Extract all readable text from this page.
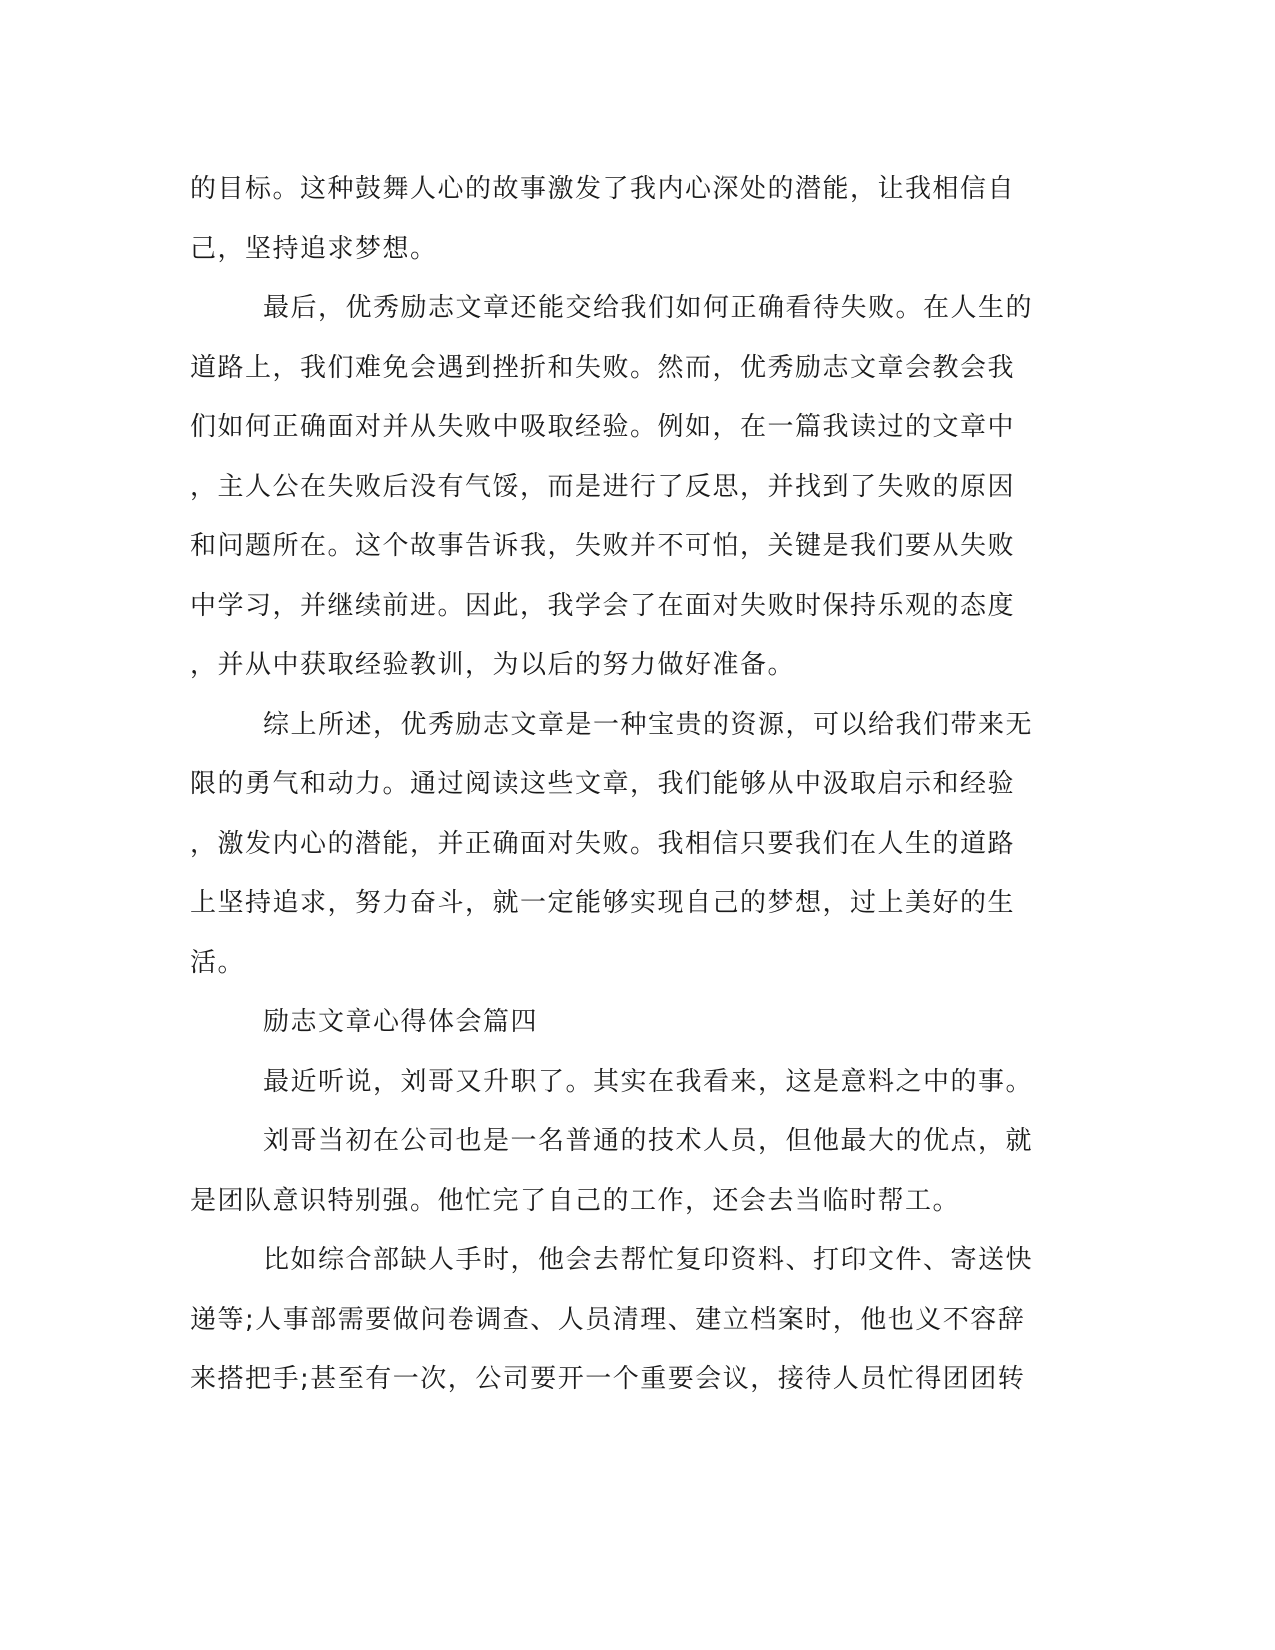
的目标。这种鼓舞人心的故事激发了我内心深处的潜能，让我相信自
己，坚持追求梦想。
最后，优秀励志文章还能交给我们如何正确看待失败。在人生的
道路上，我们难免会遇到挫折和失败。然而，优秀励志文章会教会我
们如何正确面对并从失败中吸取经验。例如，在一篇我读过的文章中
，主人公在失败后没有气馁，而是进行了反思，并找到了失败的原因
和问题所在。这个故事告诉我，失败并不可怕，关键是我们要从失败
中学习，并继续前进。因此，我学会了在面对失败时保持乐观的态度
，并从中获取经验教训，为以后的努力做好准备。
综上所述，优秀励志文章是一种宝贵的资源，可以给我们带来无
限的勇气和动力。通过阅读这些文章，我们能够从中汲取启示和经验
，激发内心的潜能，并正确面对失败。我相信只要我们在人生的道路
上坚持追求，努力奋斗，就一定能够实现自己的梦想，过上美好的生
活。
励志文章心得体会篇四
最近听说，刘哥又升职了。其实在我看来，这是意料之中的事。
刘哥当初在公司也是一名普通的技术人员，但他最大的优点，就
是团队意识特别强。他忙完了自己的工作，还会去当临时帮工。
比如综合部缺人手时，他会去帮忙复印资料、打印文件、寄送快
递等;人事部需要做问卷调查、人员清理、建立档案时，他也义不容辞
来搭把手;甚至有一次，公司要开一个重要会议，接待人员忙得团团转
